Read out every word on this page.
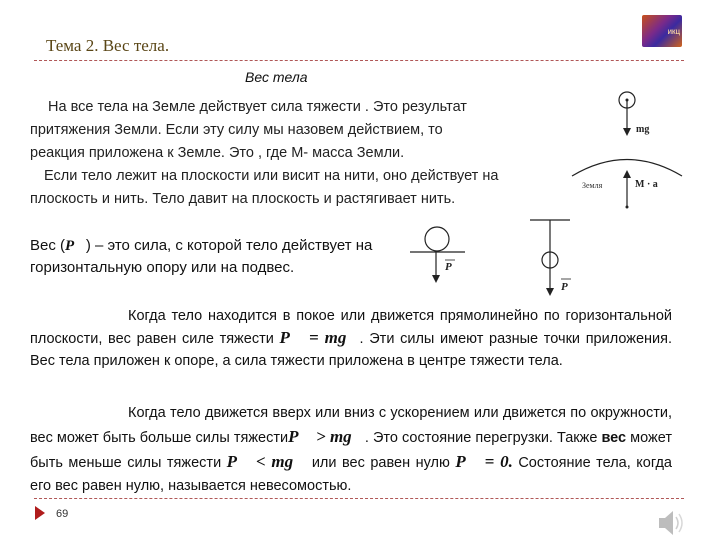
Тема 2. Вес тела.
ИКЦ
Вес тела
На все тела на Земле действует сила тяжести . Это результат
притяжения Земли. Если эту силу мы назовем действием, то
реакция приложена к Земле. Это , где М- масса Земли.
Если тело лежит на плоскости или висит на нити, оно действует на
плоскость и нить. Тело давит на плоскость и растягивает нить.
mg
Земля	M · a
Вес (P⃗) – это сила, с которой тело действует на горизонтальную опору или на подвес.	P
P
Когда тело находится в покое или движется прямолинейно по горизонтальной плоскости, вес равен силе тяжести P⃗ = mg⃗. Эти силы имеют разные точки приложения. Вес тела приложен к опоре, а сила тяжести приложена в центре тяжести тела.
Когда тело движется вверх или вниз с ускорением или движется по окружности, вес может быть больше силы тяжестиP⃗ > mg⃗. Это состояние перегрузки. Также вес может быть меньше силы тяжести P⃗ < mg⃗ или вес равен нулю P⃗ = 0. Состояние тела, когда его вес равен нулю, называется невесомостью.
69
